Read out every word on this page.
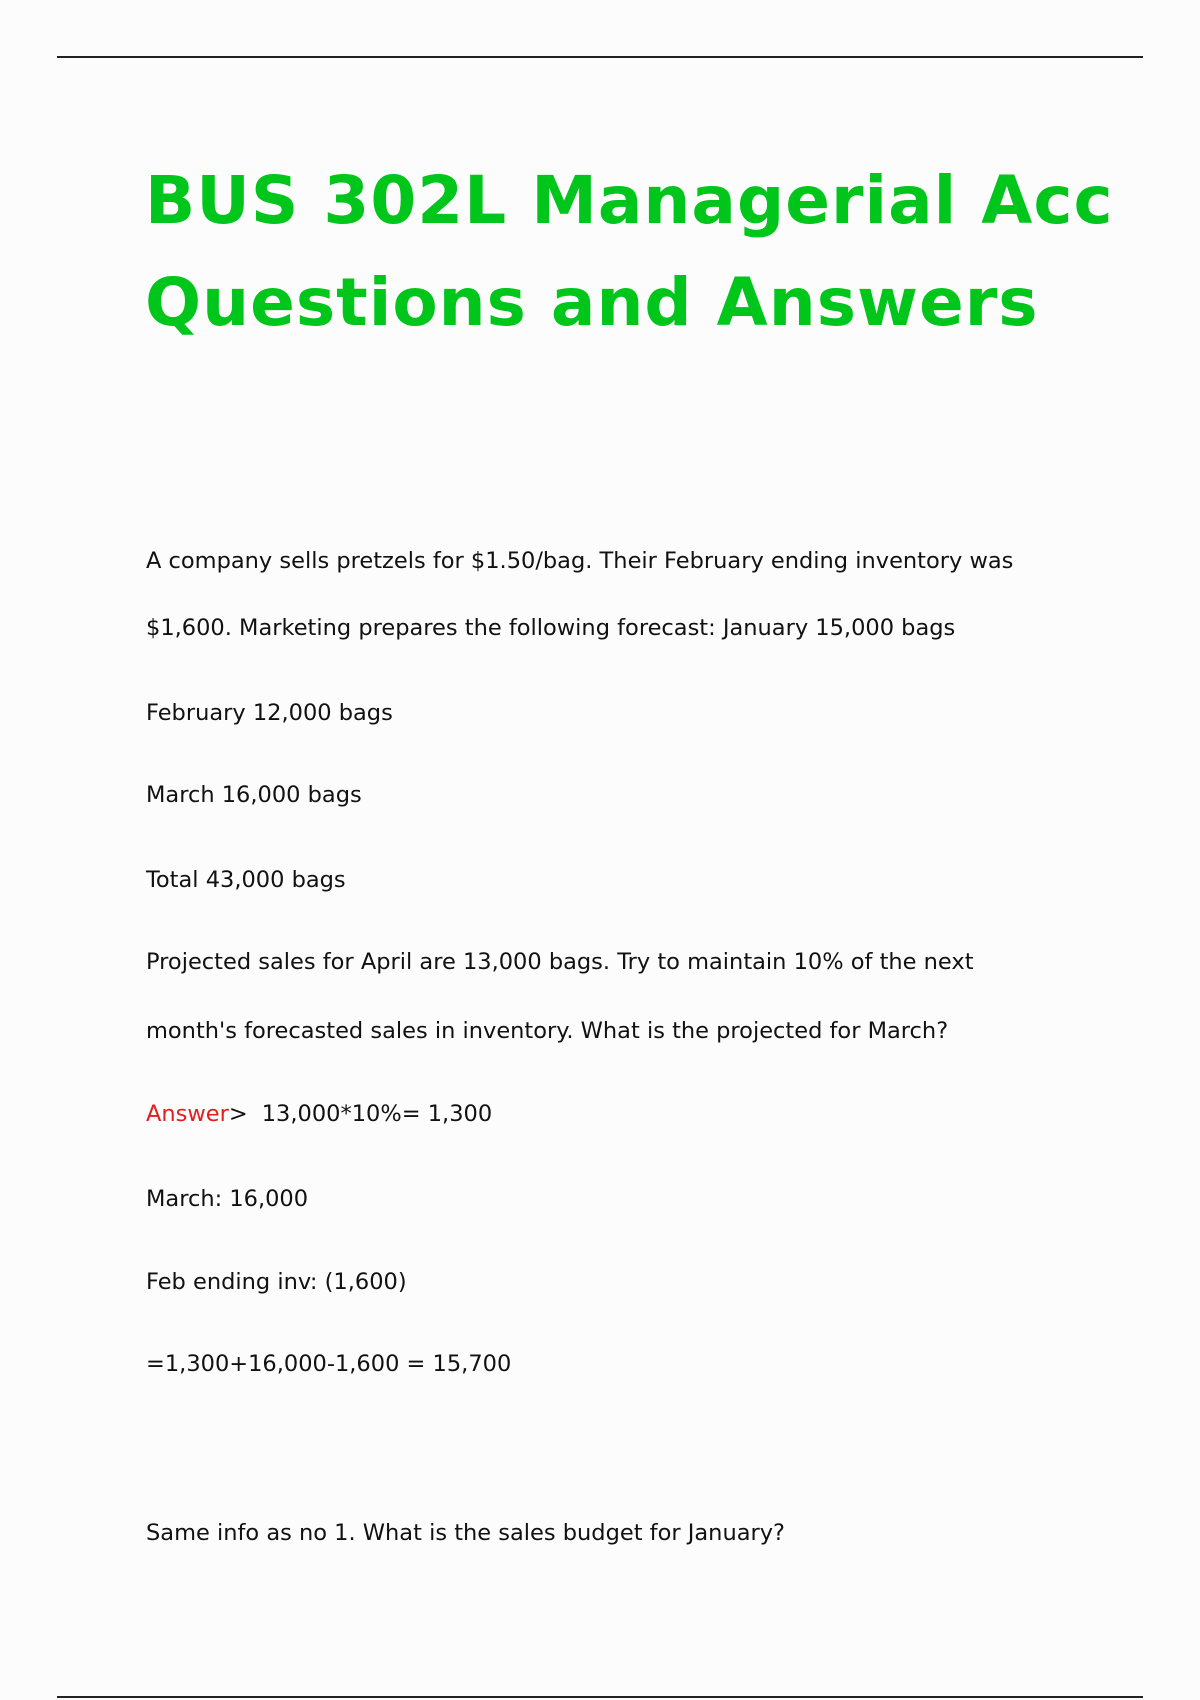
BUS 302L Managerial Acc
Questions and Answers

A company sells pretzels for $1.50/bag. Their February ending inventory was

$1,600. Marketing prepares the following forecast: January 15,000 bags

February 12,000 bags

March 16,000 bags

Total 43,000 bags

Projected sales for April are 13,000 bags. Try to maintain 10% of the next

month's forecasted sales in inventory. What is the projected for March?

Answer> 13,000*10%= 1,300

March: 16,000

Feb ending inv: (1,600)

=1,300+16,000-1,600 = 15,700

Same info as no 1. What is the sales budget for January?
